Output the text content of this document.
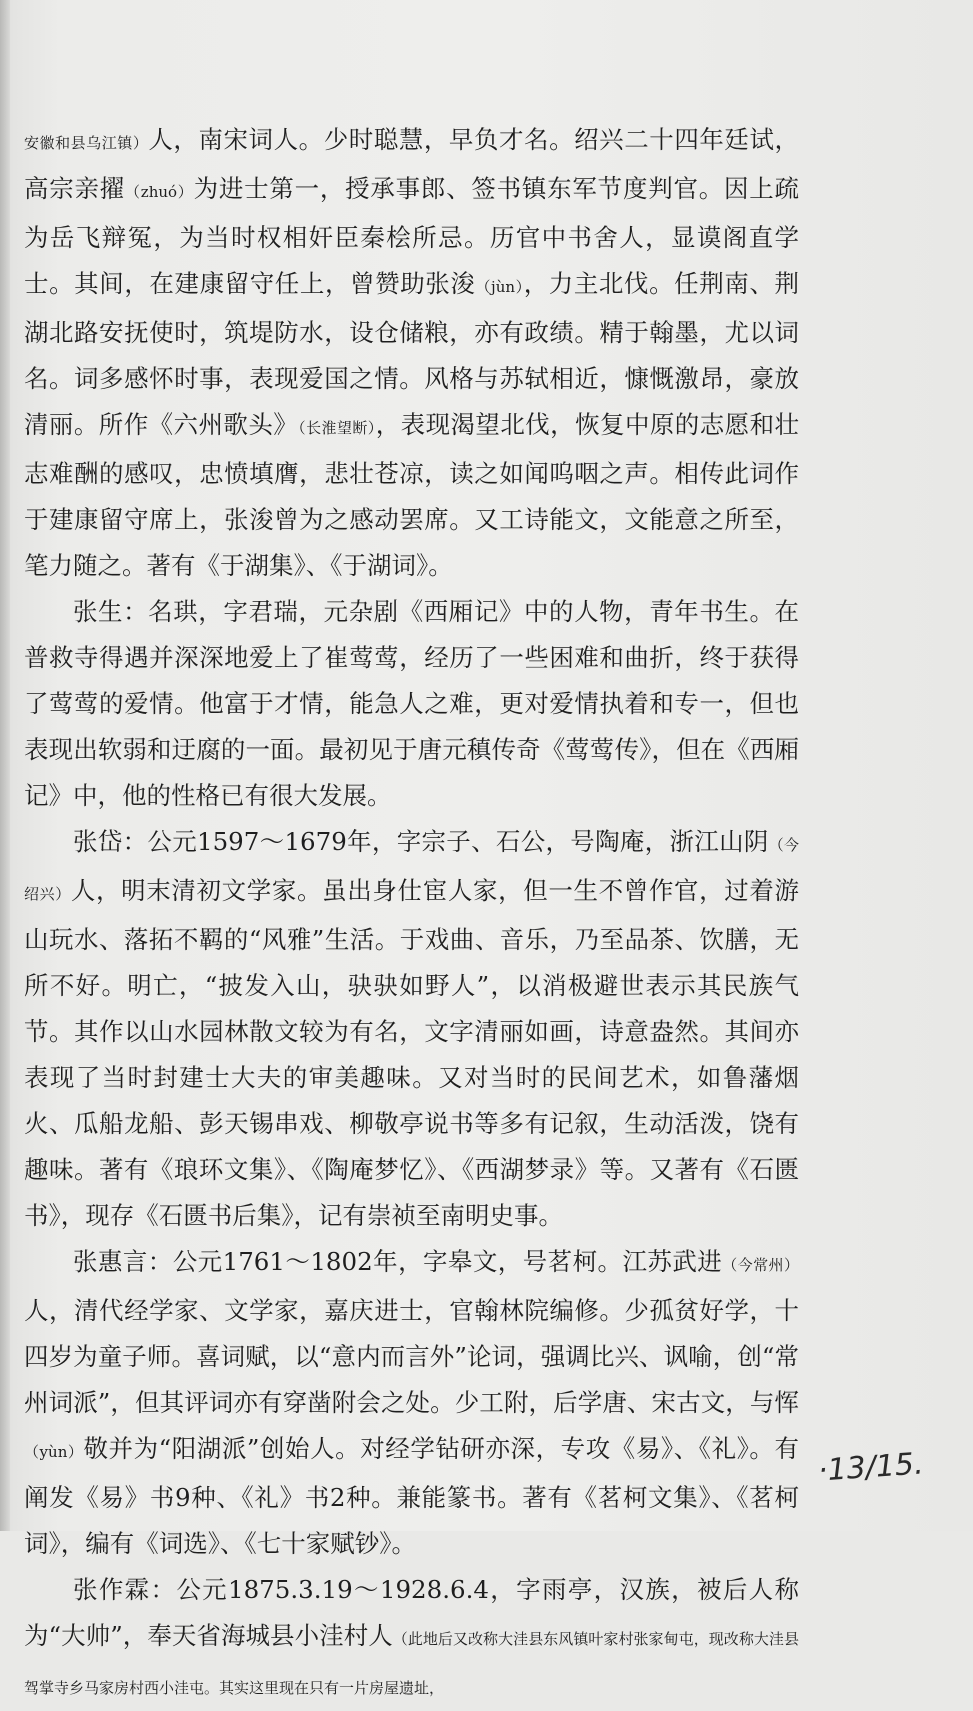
安徽和县乌江镇）人，南宋词人。少时聪慧，早负才名。绍兴二十四年廷试，高宗亲擢（zhuó）为进士第一，授承事郎、签书镇东军节度判官。因上疏为岳飞辩冤，为当时权相奸臣秦桧所忌。历官中书舍人，显谟阁直学士。其间，在建康留守任上，曾赞助张浚（jùn），力主北伐。任荆南、荆湖北路安抚使时，筑堤防水，设仓储粮，亦有政绩。精于翰墨，尤以词名。词多感怀时事，表现爱国之情。风格与苏轼相近，慷慨激昂，豪放清丽。所作《六州歌头》（长淮望断），表现渴望北伐，恢复中原的志愿和壮志难酬的感叹，忠愤填膺，悲壮苍凉，读之如闻呜咽之声。相传此词作于建康留守席上，张浚曾为之感动罢席。又工诗能文，文能意之所至，笔力随之。著有《于湖集》、《于湖词》。

张生：名珙，字君瑞，元杂剧《西厢记》中的人物，青年书生。在普救寺得遇并深深地爱上了崔莺莺，经历了一些困难和曲折，终于获得了莺莺的爱情。他富于才情，能急人之难，更对爱情执着和专一，但也表现出软弱和迂腐的一面。最初见于唐元稹传奇《莺莺传》，但在《西厢记》中，他的性格已有很大发展。

张岱：公元1597～1679年，字宗子、石公，号陶庵，浙江山阴（今绍兴）人，明末清初文学家。虽出身仕宦人家，但一生不曾作官，过着游山玩水、落拓不羁的“风雅”生活。于戏曲、音乐，乃至品茶、饮膳，无所不好。明亡，“披发入山，𫘝𫘝如野人”，以消极避世表示其民族气节。其作以山水园林散文较为有名，文字清丽如画，诗意盎然。其间亦表现了当时封建士大夫的审美趣味。又对当时的民间艺术，如鲁藩烟火、瓜船龙船、彭天锡串戏、柳敬亭说书等多有记叙，生动活泼，饶有趣味。著有《琅环文集》、《陶庵梦忆》、《西湖梦录》等。又著有《石匮书》，现存《石匮书后集》，记有崇祯至南明史事。

张惠言：公元1761～1802年，字皋文，号茗柯。江苏武进（今常州）人，清代经学家、文学家，嘉庆进士，官翰林院编修。少孤贫好学，十四岁为童子师。喜词赋，以“意内而言外”论词，强调比兴、讽喻，创“常州词派”，但其评词亦有穿凿附会之处。少工附，后学唐、宋古文，与恽（yùn）敬并为“阳湖派”创始人。对经学钻研亦深，专攻《易》、《礼》。有阐发《易》书9种、《礼》书2种。兼能篆书。著有《茗柯文集》、《茗柯词》，编有《词选》、《七十家赋钞》。

张作霖：公元1875.3.19～1928.6.4，字雨亭，汉族，被后人称为“大帅”，奉天省海城县小洼村人（此地后又改称大洼县东风镇叶家村张家甸屯，现改称大洼县驾掌寺乡马家房村西小洼屯。其实这里现在只有一片房屋遗址，

·13/15.
